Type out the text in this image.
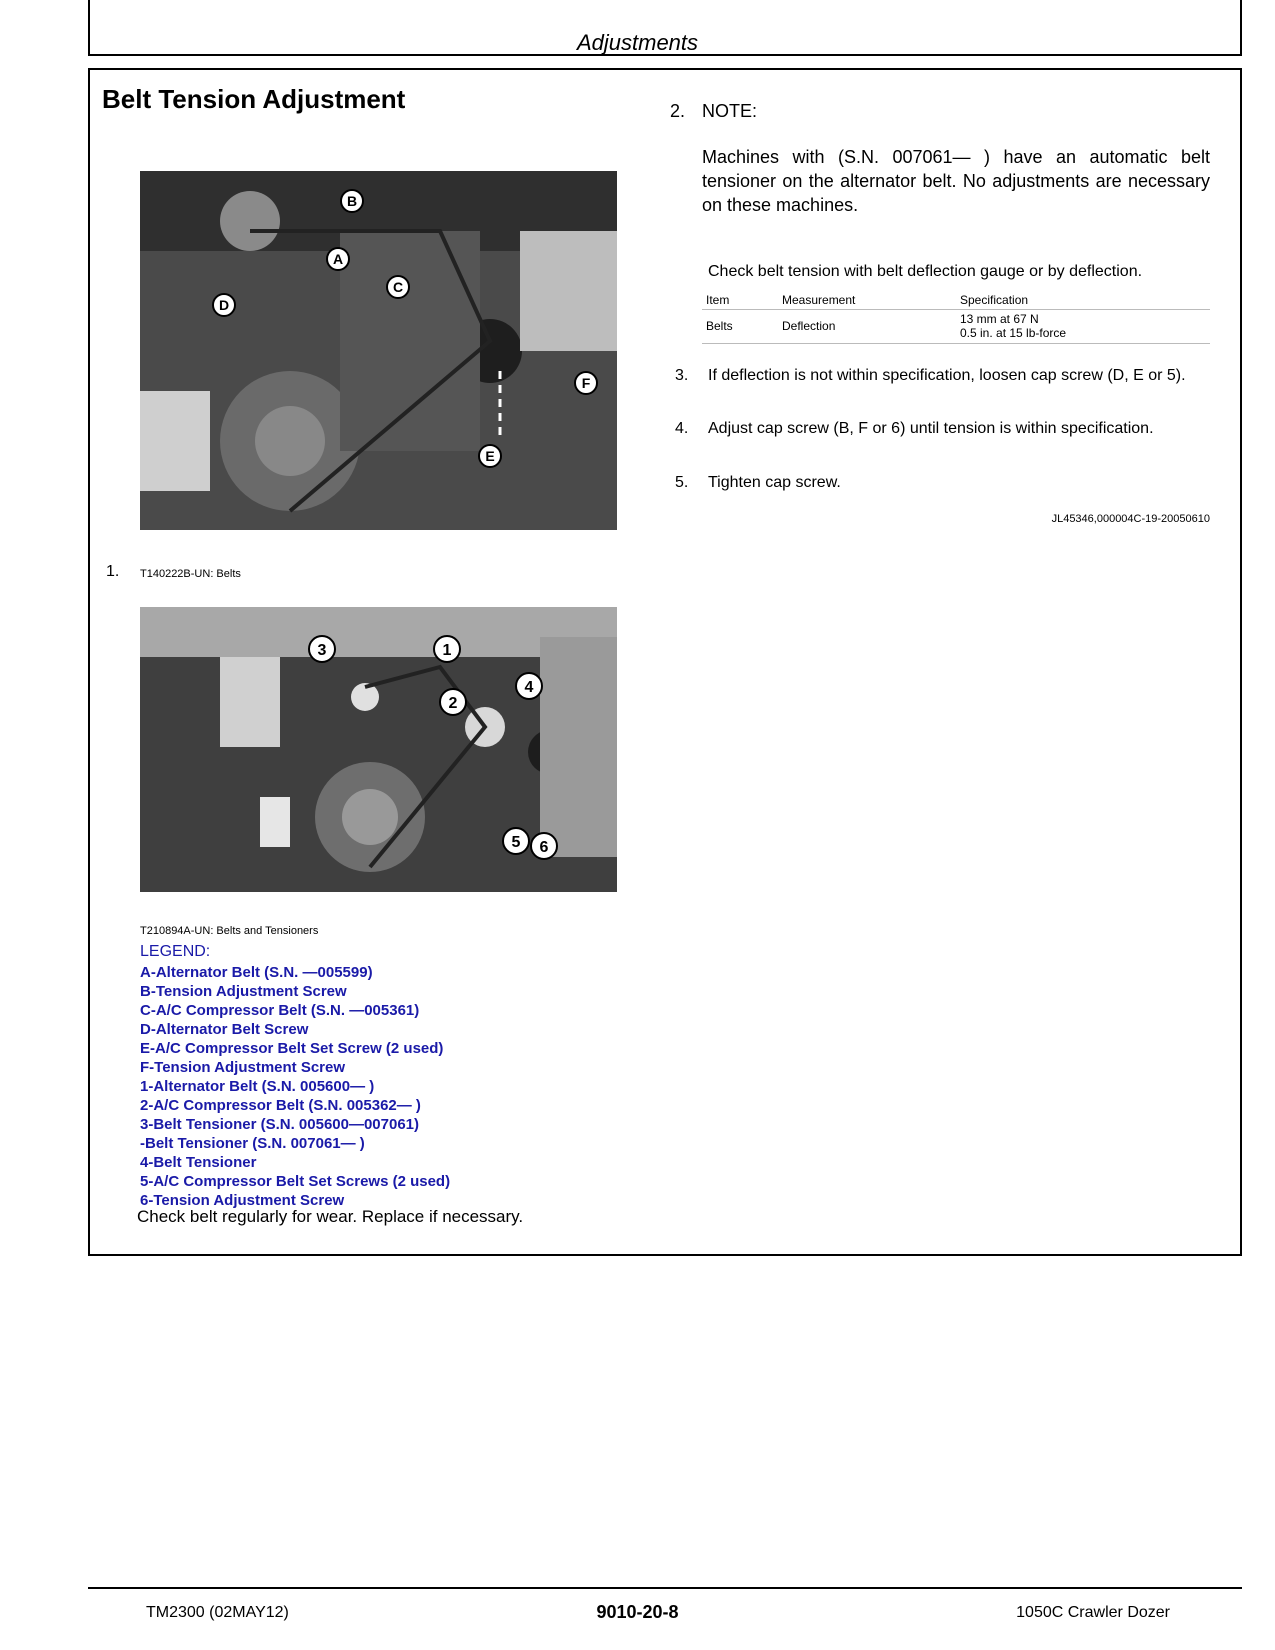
Adjustments
Belt Tension Adjustment
B
A
C
D
F
E
1. T140222B-UN: Belts
3	1
4
2
5 6
T210894A-UN: Belts and Tensioners
LEGEND:
A-Alternator Belt (S.N. —005599)
B-Tension Adjustment Screw
C-A/C Compressor Belt (S.N. —005361)
D-Alternator Belt Screw
E-A/C Compressor Belt Set Screw (2 used)
F-Tension Adjustment Screw
1-Alternator Belt (S.N. 005600— )
2-A/C Compressor Belt (S.N. 005362— )
3-Belt Tensioner (S.N. 005600—007061)
-Belt Tensioner (S.N. 007061— )
4-Belt Tensioner
5-A/C Compressor Belt Set Screws (2 used)
6-Tension Adjustment Screw
Check belt regularly for wear. Replace if necessary.
2. NOTE:
Machines with (S.N. 007061— ) have an automatic belt tensioner on the alternator belt. No adjustments are necessary on these machines.
Check belt tension with belt deflection gauge or by deflection.
Item	Measurement	Specification
Belts	Deflection	13 mm at 67 N
0.5 in. at 15 lb-force
3. If deflection is not within specification, loosen cap screw (D, E or 5).
4. Adjust cap screw (B, F or 6) until tension is within specification.
5. Tighten cap screw.
JL45346,000004C-19-20050610
TM2300 (02MAY12)	9010-20-8	1050C Crawler Dozer
